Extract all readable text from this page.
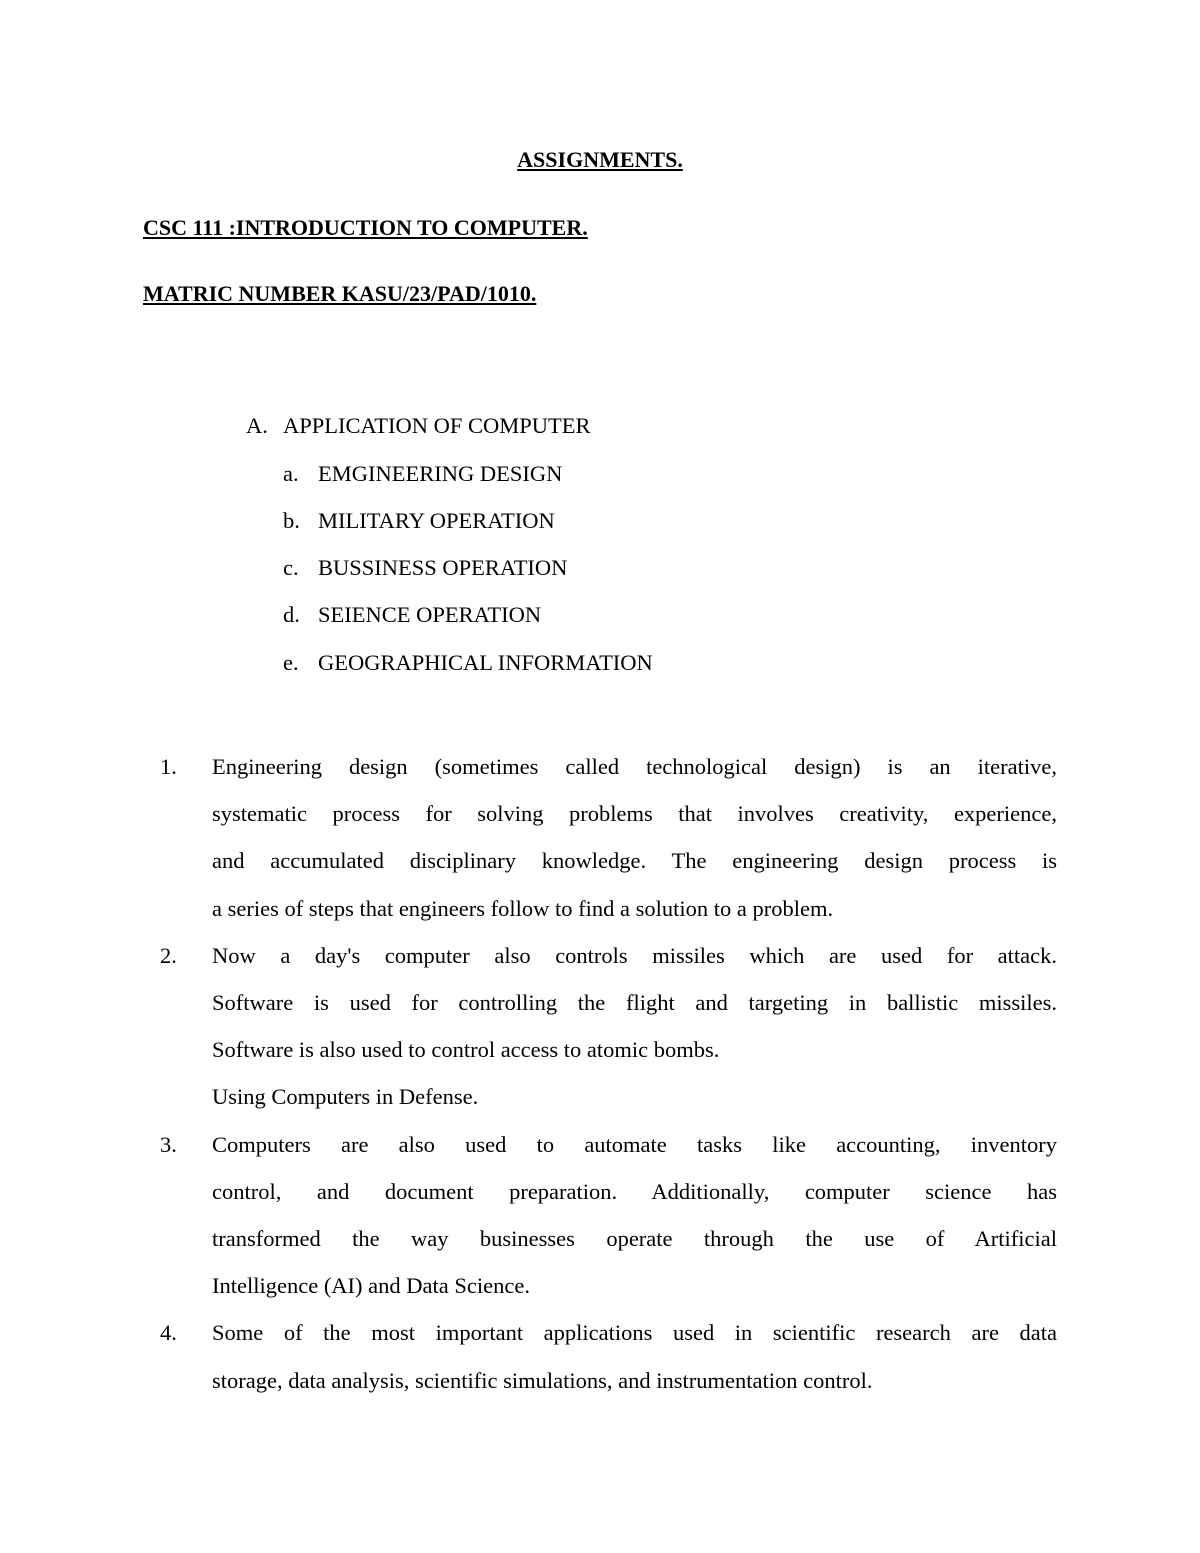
ASSIGNMENTS.
CSC 111 :INTRODUCTION TO COMPUTER.
MATRIC NUMBER KASU/23/PAD/1010.
A. APPLICATION OF COMPUTER
a. EMGINEERING DESIGN
b. MILITARY OPERATION
c. BUSSINESS OPERATION
d. SEIENCE OPERATION
e. GEOGRAPHICAL INFORMATION
1. Engineering design (sometimes called technological design) is an iterative,
systematic process for solving problems that involves creativity, experience,
and accumulated disciplinary knowledge. The engineering design process is
a series of steps that engineers follow to find a solution to a problem.
2. Now a day's computer also controls missiles which are used for attack.
Software is used for controlling the flight and targeting in ballistic missiles.
Software is also used to control access to atomic bombs.
Using Computers in Defense.
3. Computers are also used to automate tasks like accounting, inventory
control, and document preparation. Additionally, computer science has
transformed the way businesses operate through the use of Artificial
Intelligence (AI) and Data Science.
4. Some of the most important applications used in scientific research are data
storage, data analysis, scientific simulations, and instrumentation control.
